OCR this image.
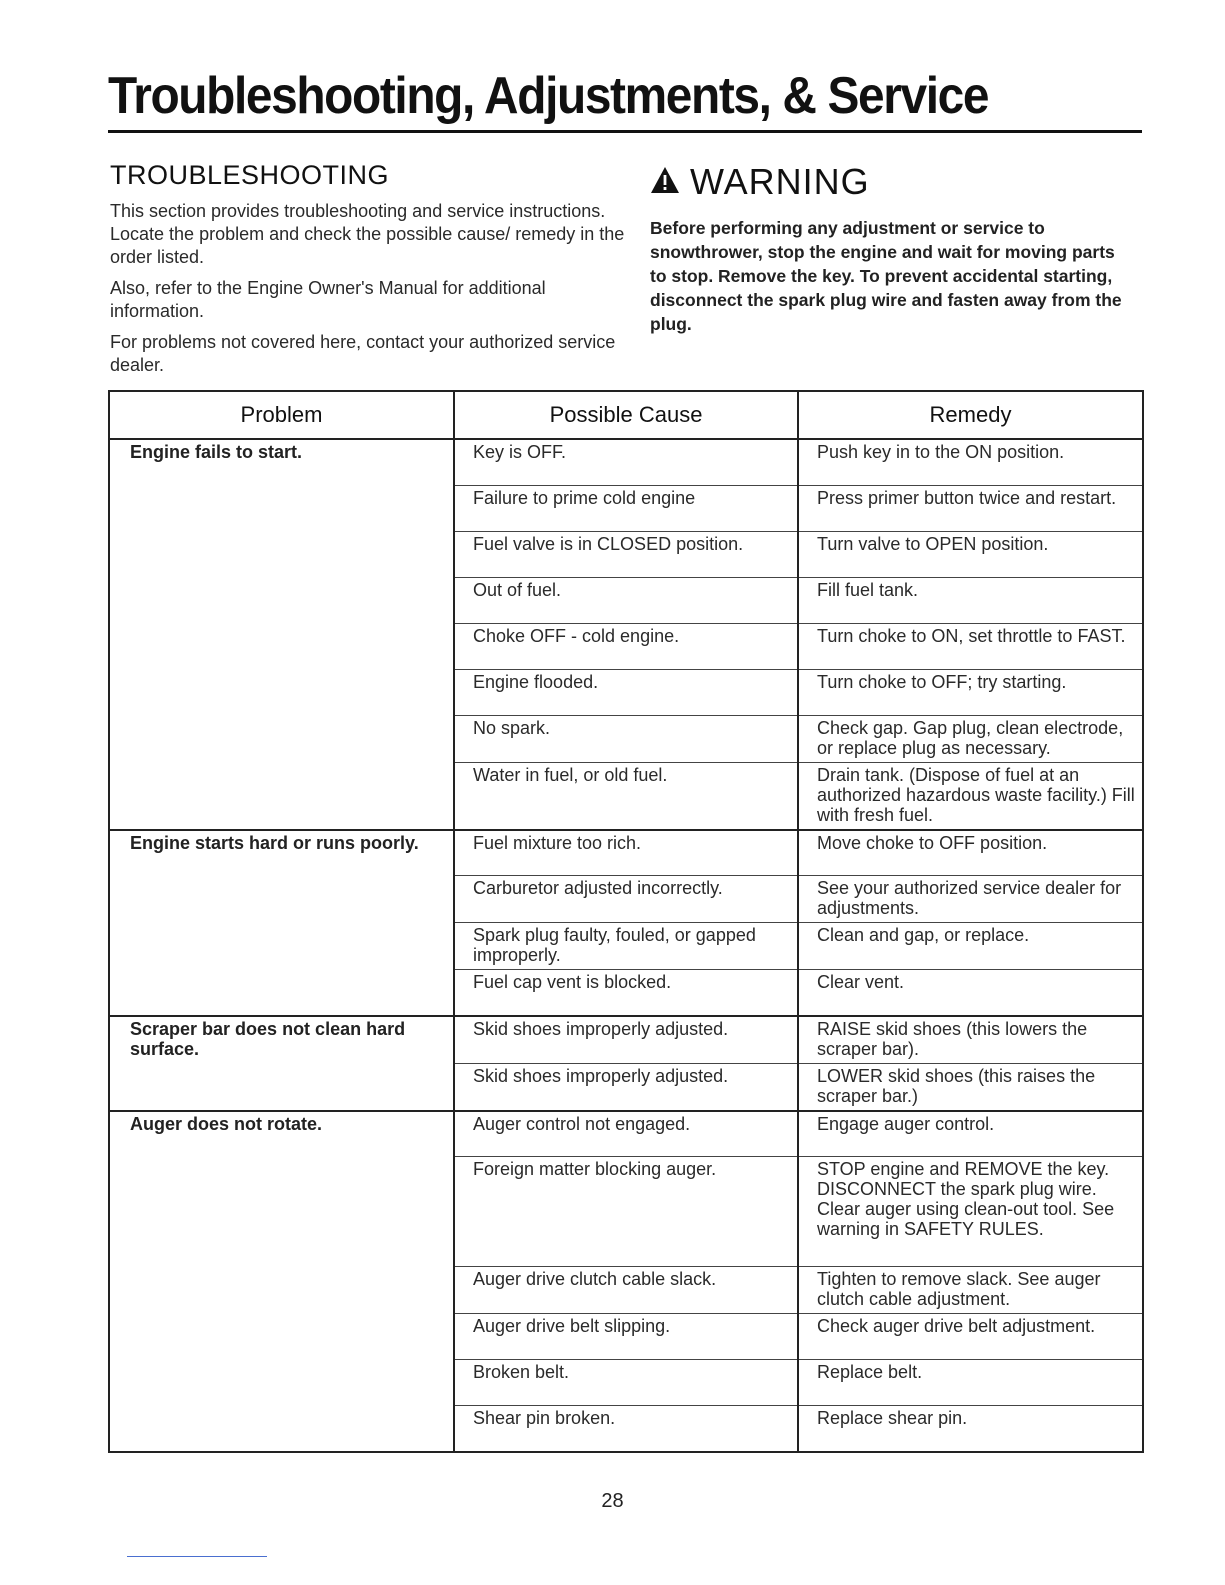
Troubleshooting, Adjustments, & Service
TROUBLESHOOTING

This section provides troubleshooting and service instructions. Locate the problem and check the possible cause/ remedy in the order listed.

Also, refer to the Engine Owner's Manual for additional information.

For problems not covered here, contact your authorized service dealer.

WARNING

Before performing any adjustment or service to snowthrower, stop the engine and wait for moving parts to stop. Remove the key. To prevent accidental starting, disconnect the spark plug wire and fasten away from the plug.

Problem	Possible Cause	Remedy
Engine fails to start.	Key is OFF.	Push key in to the ON position.
	Failure to prime cold engine	Press primer button twice and restart.
	Fuel valve is in CLOSED position.	Turn valve to OPEN position.
	Out of fuel.	Fill fuel tank.
	Choke OFF - cold engine.	Turn choke to ON, set throttle to FAST.
	Engine flooded.	Turn choke to OFF; try starting.
	No spark.	Check gap. Gap plug, clean electrode, or replace plug as necessary.
	Water in fuel, or old fuel.	Drain tank. (Dispose of fuel at an authorized hazardous waste facility.) Fill with fresh fuel.
Engine starts hard or runs poorly.	Fuel mixture too rich.	Move choke to OFF position.
	Carburetor adjusted incorrectly.	See your authorized service dealer for adjustments.
	Spark plug faulty, fouled, or gapped improperly.	Clean and gap, or replace.
	Fuel cap vent is blocked.	Clear vent.
Scraper bar does not clean hard surface.	Skid shoes improperly adjusted.	RAISE skid shoes (this lowers the scraper bar).
	Skid shoes improperly adjusted.	LOWER skid shoes (this raises the scraper bar.)
Auger does not rotate.	Auger control not engaged.	Engage auger control.
	Foreign matter blocking auger.	STOP engine and REMOVE the key. DISCONNECT the spark plug wire. Clear auger using clean-out tool. See warning in SAFETY RULES.
	Auger drive clutch cable slack.	Tighten to remove slack. See auger clutch cable adjustment.
	Auger drive belt slipping.	Check auger drive belt adjustment.
	Broken belt.	Replace belt.
	Shear pin broken.	Replace shear pin.
28
